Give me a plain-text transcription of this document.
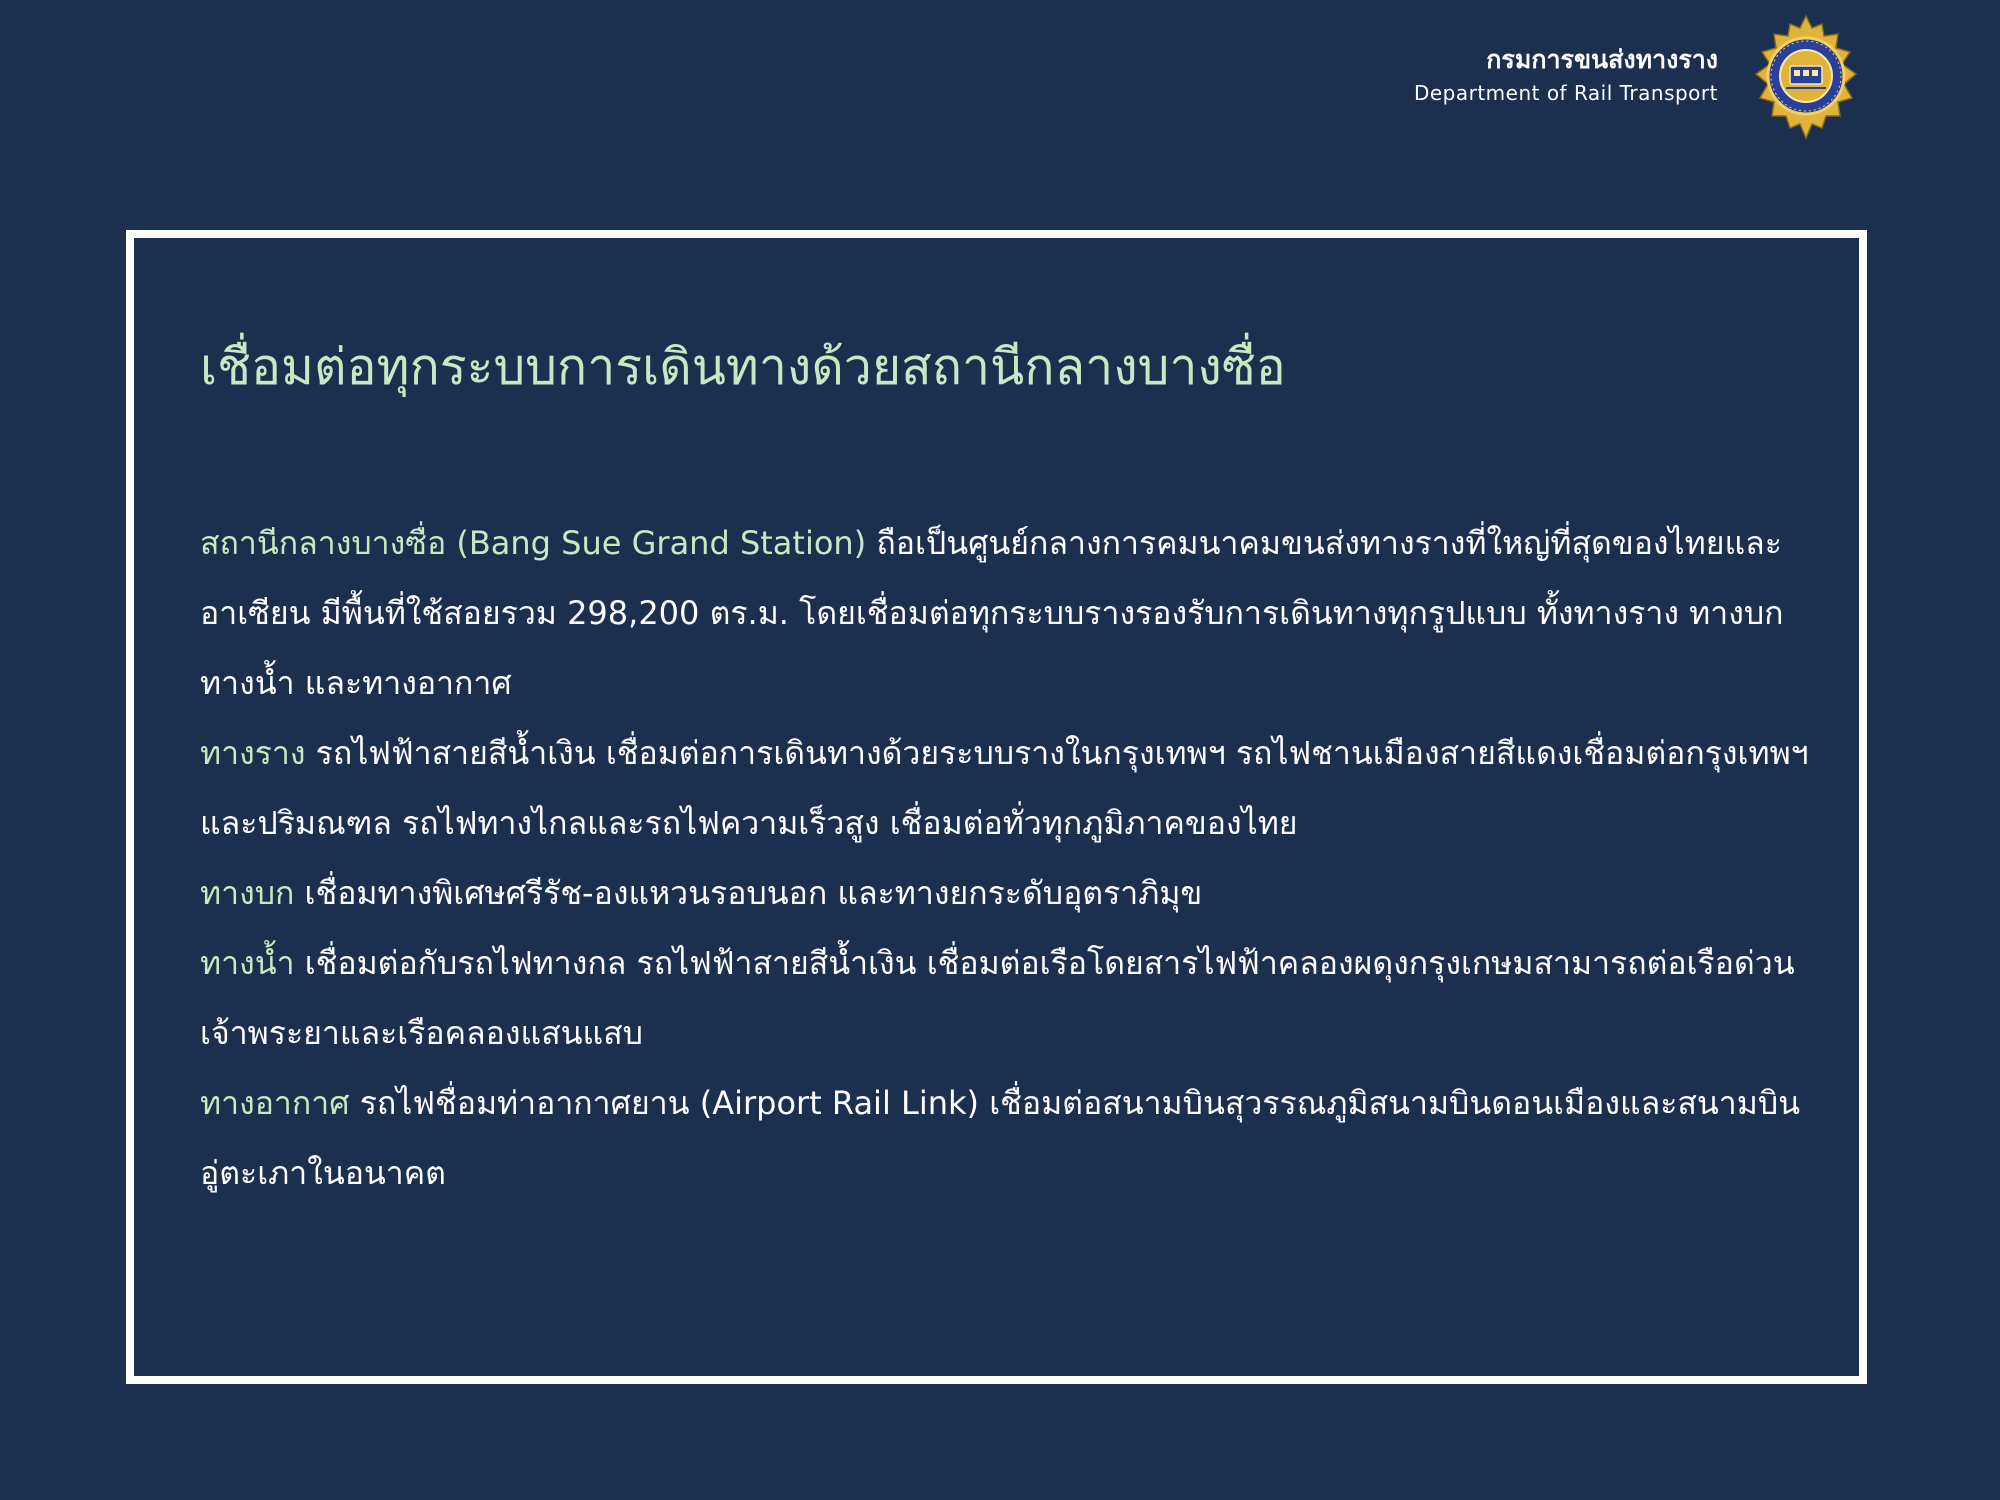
กรมการขนส่งทางราง
Department of Rail Transport
เชื่อมต่อทุกระบบการเดินทางด้วยสถานีกลางบางซื่อ

สถานีกลางบางซื่อ (Bang Sue Grand Station) ถือเป็นศูนย์กลางการคมนาคมขนส่งทางรางที่ใหญ่ที่สุดของไทยและอาเซียน มีพื้นที่ใช้สอยรวม 298,200 ตร.ม. โดยเชื่อมต่อทุกระบบรางรองรับการเดินทางทุกรูปแบบ ทั้งทางราง ทางบก ทางน้ำ และทางอากาศ

ทางราง รถไฟฟ้าสายสีน้ำเงิน เชื่อมต่อการเดินทางด้วยระบบรางในกรุงเทพฯ รถไฟชานเมืองสายสีแดงเชื่อมต่อกรุงเทพฯ และปริมณฑล รถไฟทางไกลและรถไฟความเร็วสูง เชื่อมต่อทั่วทุกภูมิภาคของไทย

ทางบก เชื่อมทางพิเศษศรีรัช-องแหวนรอบนอก และทางยกระดับอุตราภิมุข

ทางน้ำ เชื่อมต่อกับรถไฟทางกล รถไฟฟ้าสายสีน้ำเงิน เชื่อมต่อเรือโดยสารไฟฟ้าคลองผดุงกรุงเกษมสามารถต่อเรือด่วนเจ้าพระยาและเรือคลองแสนแสบ

ทางอากาศ รถไฟชื่อมท่าอากาศยาน (Airport Rail Link) เชื่อมต่อสนามบินสุวรรณภูมิสนามบินดอนเมืองและสนามบินอู่ตะเภาในอนาคต
